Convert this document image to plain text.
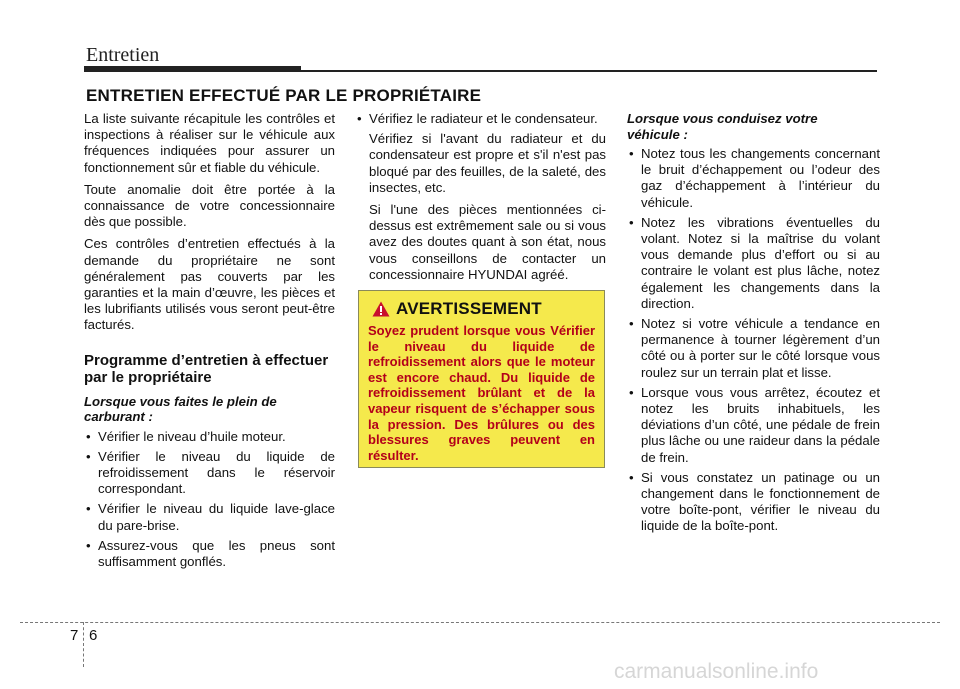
Entretien
ENTRETIEN EFFECTUÉ PAR LE PROPRIÉTAIRE

La liste suivante récapitule les contrôles et inspections à réaliser sur le véhicule aux fréquences indiquées pour assurer un fonctionnement sûr et fiable du véhicule.

Toute anomalie doit être portée à la connaissance de votre concessionnaire dès que possible.

Ces contrôles d’entretien effectués à la demande du propriétaire ne sont généralement pas couverts par les garanties et la main d’œuvre, les pièces et les lubrifiants utilisés vous seront peut-être facturés.

Programme d’entretien à effectuer par le propriétaire
Lorsque vous faites le plein de carburant :
• Vérifier le niveau d’huile moteur.
• Vérifier le niveau du liquide de refroidissement dans le réservoir correspondant.
• Vérifier le niveau du liquide lave-glace du pare-brise.
• Assurez-vous que les pneus sont suffisamment gonflés.
• Vérifiez le radiateur et le condensateur.

Vérifiez si l'avant du radiateur et du condensateur est propre et s'il n'est pas bloqué par des feuilles, de la saleté, des insectes, etc.

Si l'une des pièces mentionnées ci-dessus est extrêmement sale ou si vous avez des doutes quant à son état, nous vous conseillons de contacter un concessionnaire HYUNDAI agréé.

AVERTISSEMENT
Soyez prudent lorsque vous Vérifier le niveau du liquide de refroidissement alors que le moteur est encore chaud. Du liquide de refroidissement brûlant et de la vapeur risquent de s’échapper sous la pression. Des brûlures ou des blessures graves peuvent en résulter.
Lorsque vous conduisez votre véhicule :
• Notez tous les changements concernant le bruit d’échappement ou l’odeur des gaz d’échappement à l’intérieur du véhicule.
• Notez les vibrations éventuelles du volant. Notez si la maîtrise du volant vous demande plus d’effort ou si au contraire le volant est plus lâche, notez également les changements dans la direction.
• Notez si votre véhicule a tendance en permanence à tourner légèrement d’un côté ou à porter sur le côté lorsque vous roulez sur un terrain plat et lisse.
• Lorsque vous vous arrêtez, écoutez et notez les bruits inhabituels, les déviations d’un côté, une pédale de frein plus lâche ou une raideur dans la pédale de frein.
• Si vous constatez un patinage ou un changement dans le fonctionnement de votre boîte-pont, vérifier le niveau du liquide de la boîte-pont.
7 6
carmanualsonline.info
